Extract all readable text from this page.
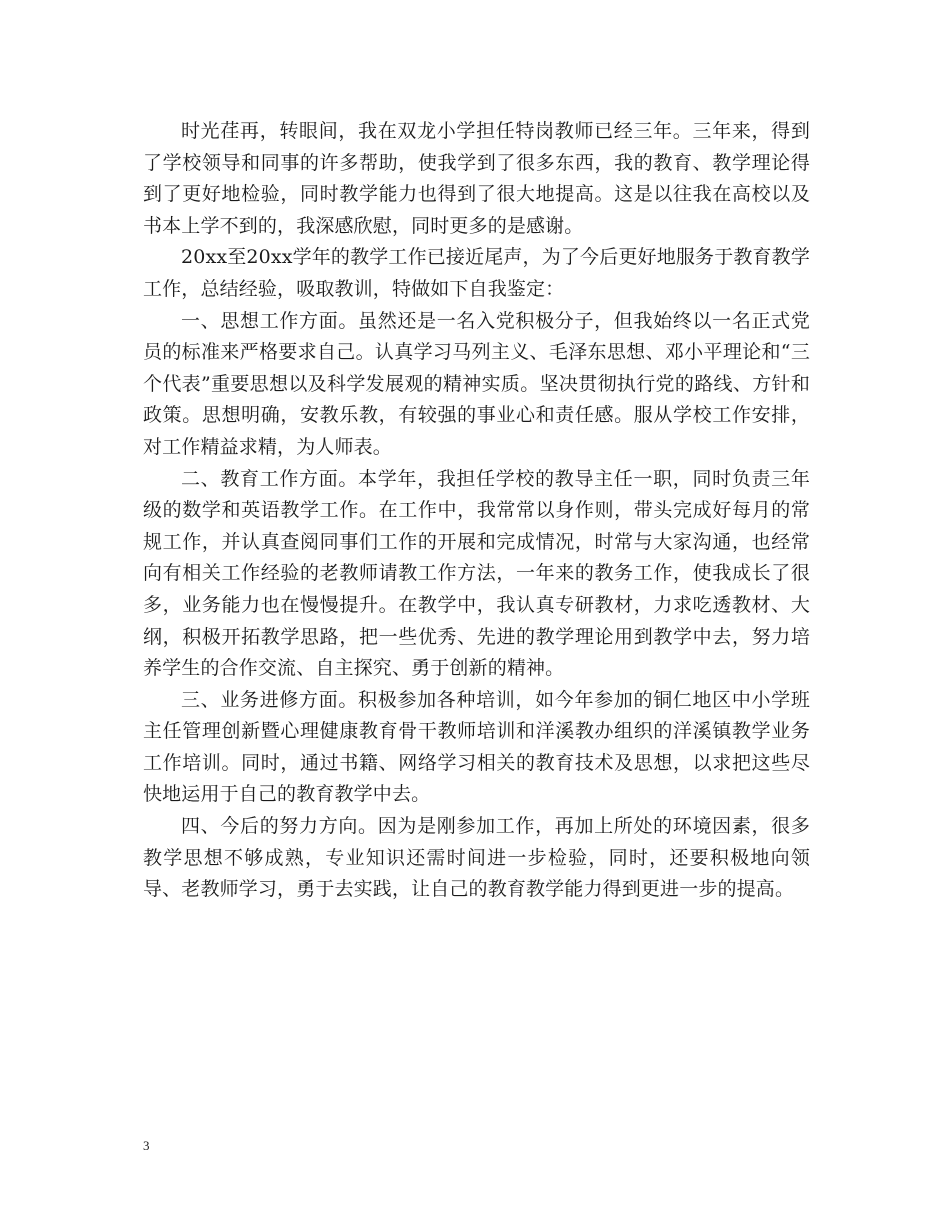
时光荏再，转眼间，我在双龙小学担任特岗教师已经三年。三年来，得到了学校领导和同事的许多帮助，使我学到了很多东西，我的教育、教学理论得到了更好地检验，同时教学能力也得到了很大地提高。这是以往我在高校以及书本上学不到的，我深感欣慰，同时更多的是感谢。

20xx至20xx学年的教学工作已接近尾声，为了今后更好地服务于教育教学工作，总结经验，吸取教训，特做如下自我鉴定：

一、思想工作方面。虽然还是一名入党积极分子，但我始终以一名正式党员的标准来严格要求自己。认真学习马列主义、毛泽东思想、邓小平理论和“三个代表”重要思想以及科学发展观的精神实质。坚决贯彻执行党的路线、方针和政策。思想明确，安教乐教，有较强的事业心和责任感。服从学校工作安排，对工作精益求精，为人师表。

二、教育工作方面。本学年，我担任学校的教导主任一职，同时负责三年级的数学和英语教学工作。在工作中，我常常以身作则，带头完成好每月的常规工作，并认真查阅同事们工作的开展和完成情况，时常与大家沟通，也经常向有相关工作经验的老教师请教工作方法，一年来的教务工作，使我成长了很多，业务能力也在慢慢提升。在教学中，我认真专研教材，力求吃透教材、大纲，积极开拓教学思路，把一些优秀、先进的教学理论用到教学中去，努力培养学生的合作交流、自主探究、勇于创新的精神。

三、业务进修方面。积极参加各种培训，如今年参加的铜仁地区中小学班主任管理创新暨心理健康教育骨干教师培训和洋溪教办组织的洋溪镇教学业务工作培训。同时，通过书籍、网络学习相关的教育技术及思想，以求把这些尽快地运用于自己的教育教学中去。

四、今后的努力方向。因为是刚参加工作，再加上所处的环境因素，很多教学思想不够成熟，专业知识还需时间进一步检验，同时，还要积极地向领导、老教师学习，勇于去实践，让自己的教育教学能力得到更进一步的提高。

3
